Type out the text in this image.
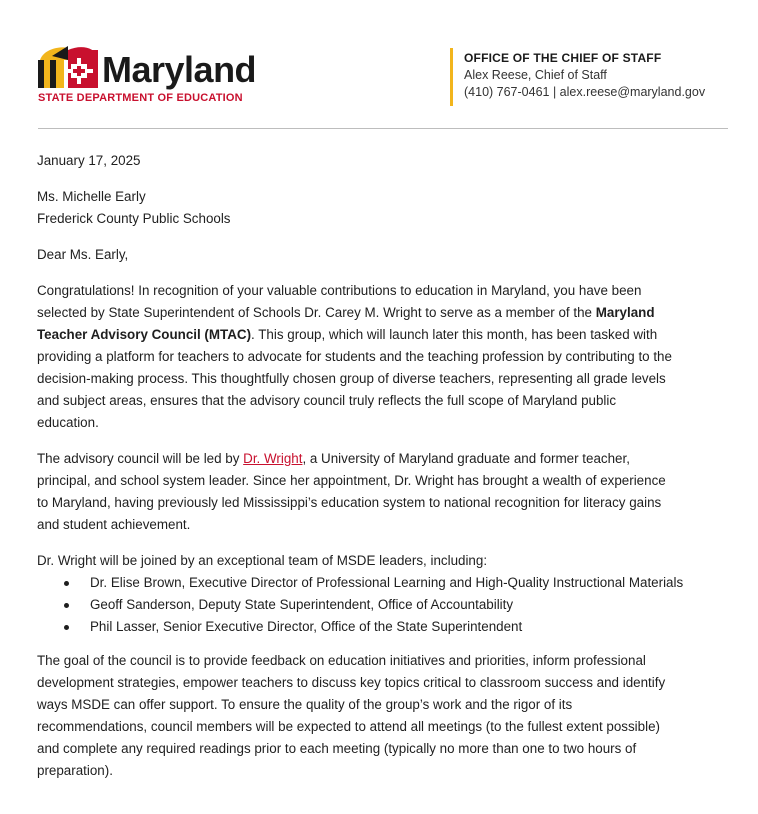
Maryland
STATE DEPARTMENT OF EDUCATION
OFFICE OF THE CHIEF OF STAFF
Alex Reese, Chief of Staff
(410) 767-0461 | alex.reese@maryland.gov
January 17, 2025
Ms. Michelle Early
Frederick County Public Schools
Dear Ms. Early,
Congratulations! In recognition of your valuable contributions to education in Maryland, you have been
selected by State Superintendent of Schools Dr. Carey M. Wright to serve as a member of the Maryland
Teacher Advisory Council (MTAC). This group, which will launch later this month, has been tasked with
providing a platform for teachers to advocate for students and the teaching profession by contributing to the
decision-making process. This thoughtfully chosen group of diverse teachers, representing all grade levels
and subject areas, ensures that the advisory council truly reflects the full scope of Maryland public
education.
The advisory council will be led by Dr. Wright, a University of Maryland graduate and former teacher,
principal, and school system leader. Since her appointment, Dr. Wright has brought a wealth of experience
to Maryland, having previously led Mississippi’s education system to national recognition for literacy gains
and student achievement.
Dr. Wright will be joined by an exceptional team of MSDE leaders, including:
Dr. Elise Brown, Executive Director of Professional Learning and High-Quality Instructional Materials
Geoff Sanderson, Deputy State Superintendent, Office of Accountability
Phil Lasser, Senior Executive Director, Office of the State Superintendent
The goal of the council is to provide feedback on education initiatives and priorities, inform professional
development strategies, empower teachers to discuss key topics critical to classroom success and identify
ways MSDE can offer support. To ensure the quality of the group’s work and the rigor of its
recommendations, council members will be expected to attend all meetings (to the fullest extent possible)
and complete any required readings prior to each meeting (typically no more than one to two hours of
preparation).
